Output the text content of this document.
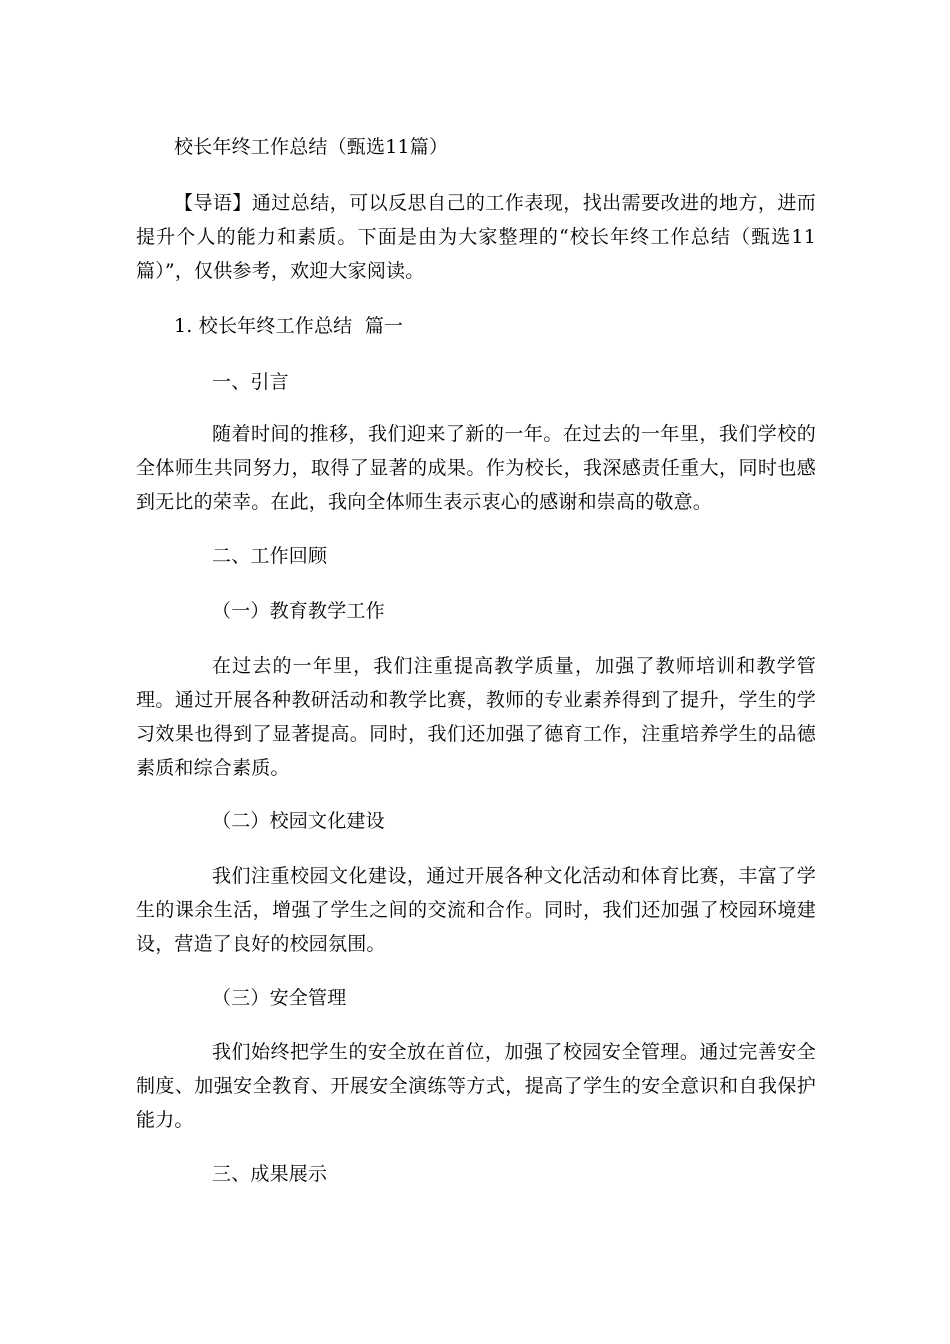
校长年终工作总结（甄选11篇）
【导语】通过总结，可以反思自己的工作表现，找出需要改进的地方，进而提升个人的能力和素质。下面是由为大家整理的“校长年终工作总结（甄选11篇）”，仅供参考，欢迎大家阅读。
1. 校长年终工作总结  篇一
一、引言
随着时间的推移，我们迎来了新的一年。在过去的一年里，我们学校的全体师生共同努力，取得了显著的成果。作为校长，我深感责任重大，同时也感到无比的荣幸。在此，我向全体师生表示衷心的感谢和崇高的敬意。
二、工作回顾
（一）教育教学工作
在过去的一年里，我们注重提高教学质量，加强了教师培训和教学管理。通过开展各种教研活动和教学比赛，教师的专业素养得到了提升，学生的学习效果也得到了显著提高。同时，我们还加强了德育工作，注重培养学生的品德素质和综合素质。
（二）校园文化建设
我们注重校园文化建设，通过开展各种文化活动和体育比赛，丰富了学生的课余生活，增强了学生之间的交流和合作。同时，我们还加强了校园环境建设，营造了良好的校园氛围。
（三）安全管理
我们始终把学生的安全放在首位，加强了校园安全管理。通过完善安全制度、加强安全教育、开展安全演练等方式，提高了学生的安全意识和自我保护能力。
三、成果展示
